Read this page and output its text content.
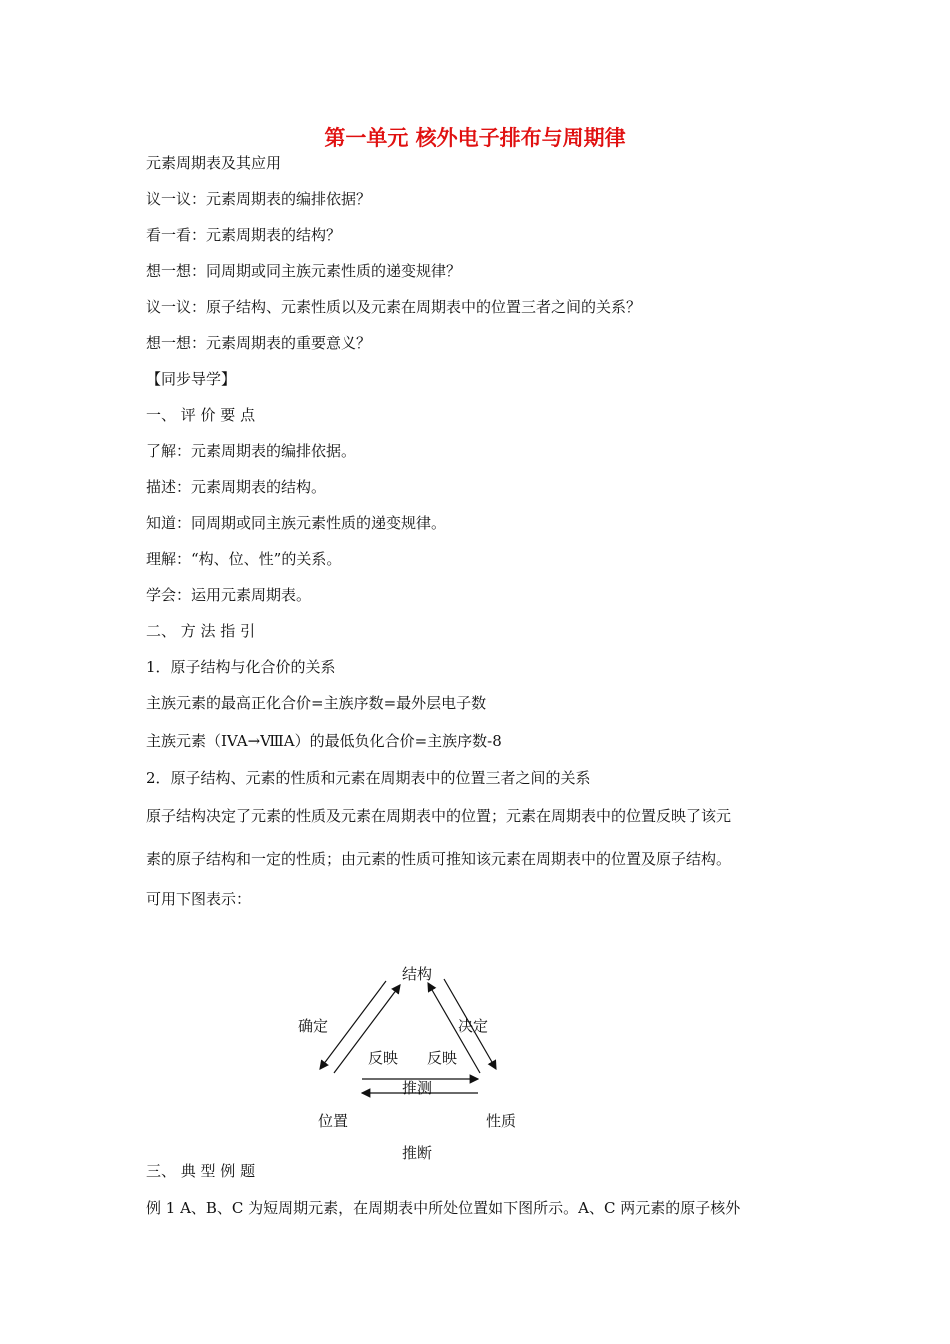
第一单元 核外电子排布与周期律
元素周期表及其应用
议一议：元素周期表的编排依据？
看一看：元素周期表的结构？
想一想：同周期或同主族元素性质的递变规律？
议一议：原子结构、元素性质以及元素在周期表中的位置三者之间的关系？
想一想：元素周期表的重要意义？
【同步导学】
一、 评 价 要 点
了解：元素周期表的编排依据。
描述：元素周期表的结构。
知道：同周期或同主族元素性质的递变规律。
理解：“构、位、性”的关系。
学会：运用元素周期表。
二、 方 法 指 引
1．原子结构与化合价的关系
主族元素的最高正化合价=主族序数=最外层电子数
主族元素（IVA→ⅧA）的最低负化合价=主族序数-8
2．原子结构、元素的性质和元素在周期表中的位置三者之间的关系
原子结构决定了元素的性质及元素在周期表中的位置；元素在周期表中的位置反映了该元
素的原子结构和一定的性质；由元素的性质可推知该元素在周期表中的位置及原子结构。
可用下图表示：
结构
确定	决定
反映 反映
推测
位置	性质
推断
三、 典 型 例 题
例 1 A、B、C 为短周期元素，在周期表中所处位置如下图所示。A、C 两元素的原子核外
